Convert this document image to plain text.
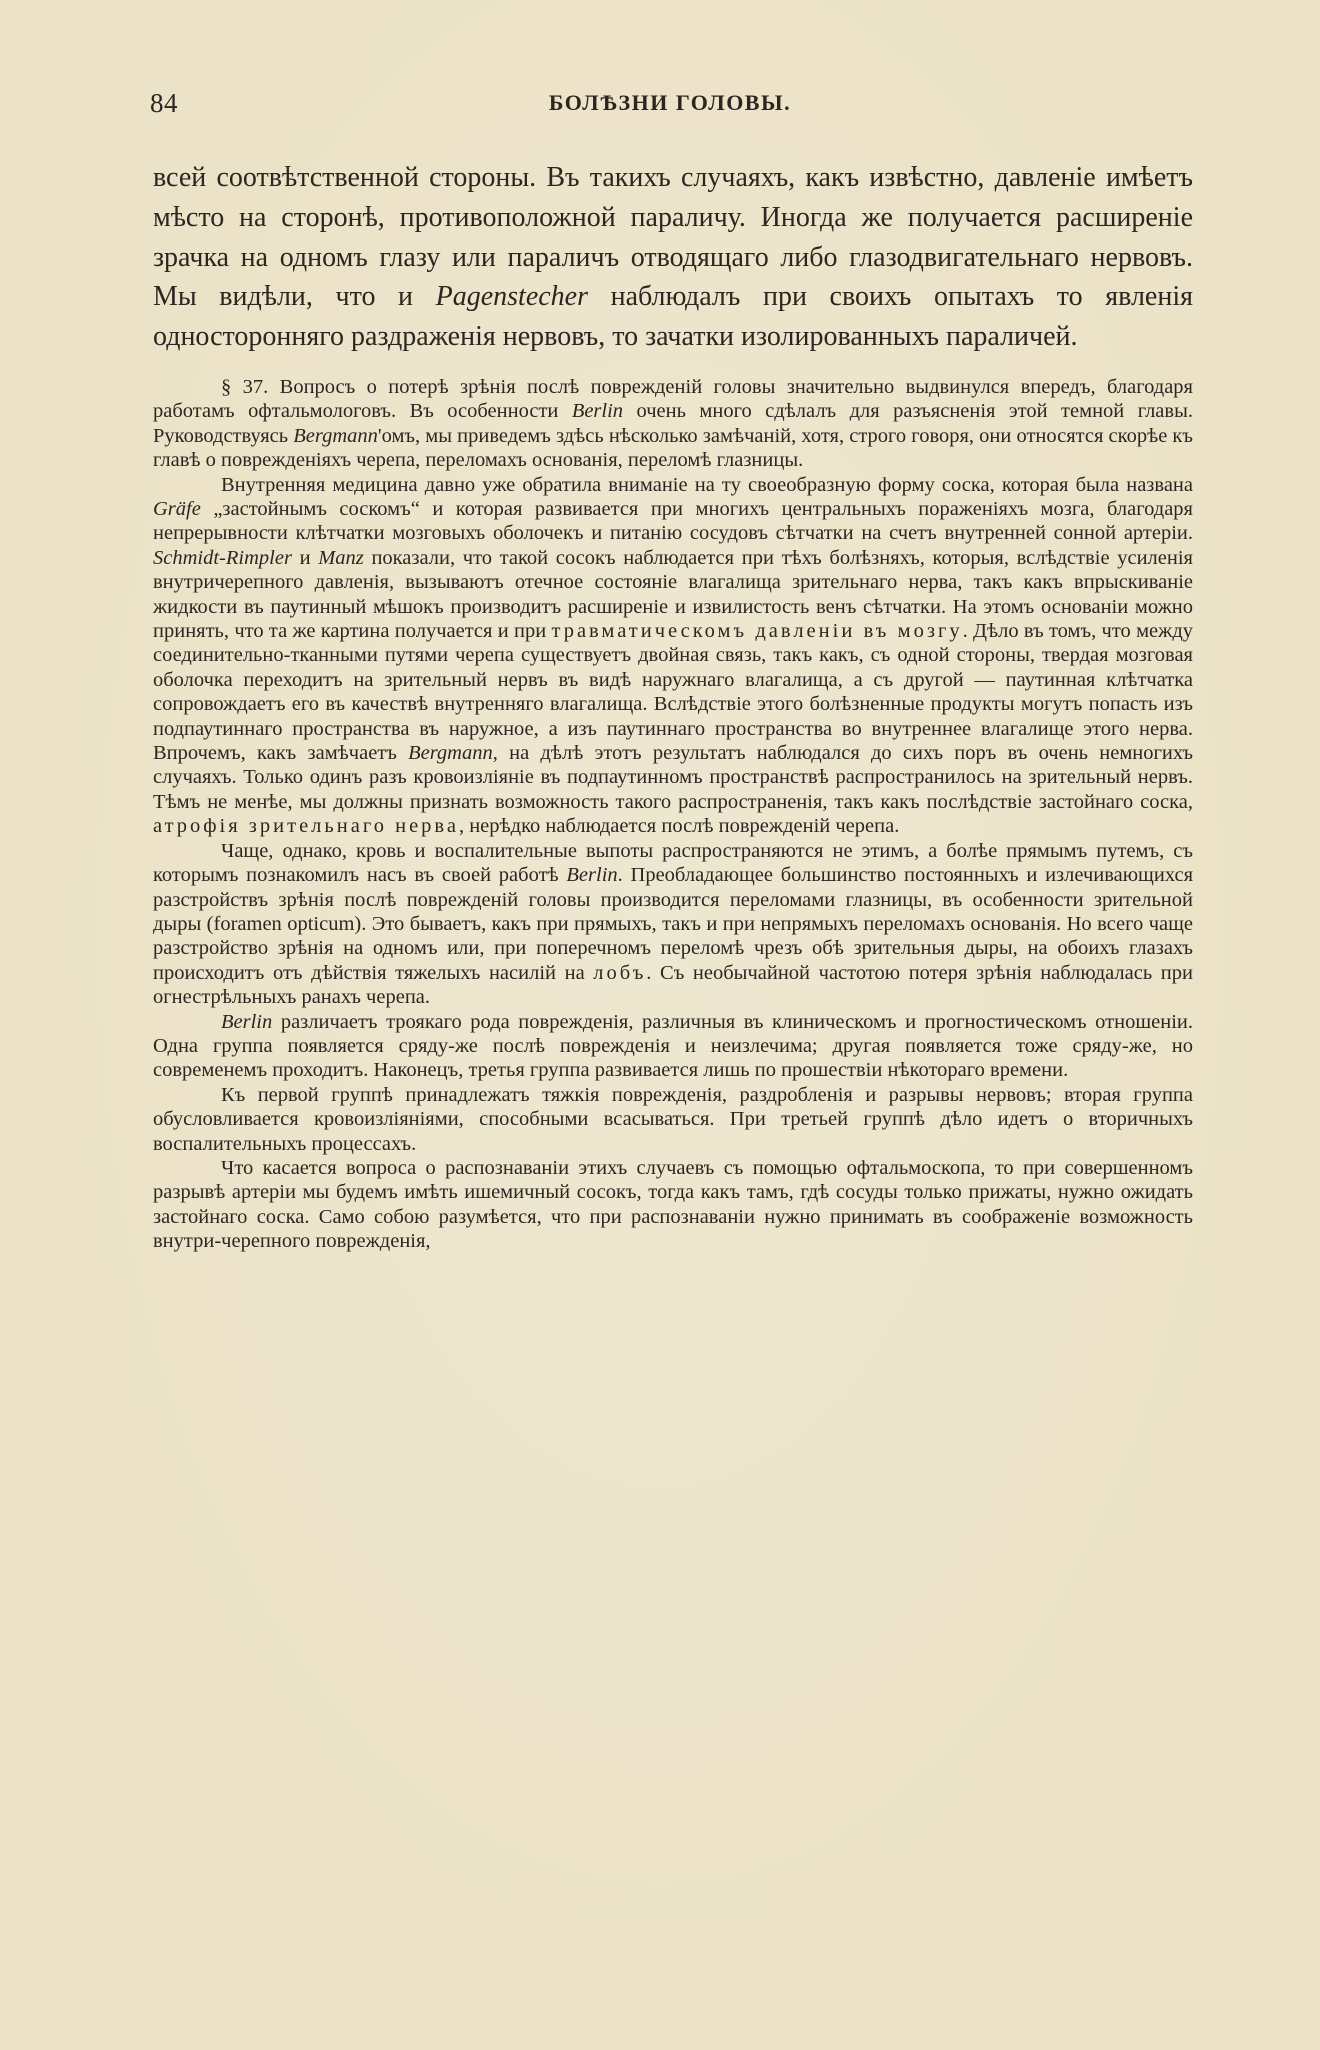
84	БОЛѢЗНИ ГОЛОВЫ.

всей соотвѣтственной стороны. Въ такихъ случаяхъ, какъ извѣстно, давленіе имѣетъ мѣсто на сторонѣ, противоположной параличу. Иногда же получается расширеніе зрачка на одномъ глазу или параличъ отводящаго либо глазодвигательнаго нервовъ. Мы видѣли, что и Pagenstecher наблюдалъ при своихъ опытахъ то явленія односторонняго раздраженія нервовъ, то зачатки изолированныхъ параличей.

§ 37. Вопросъ о потерѣ зрѣнія послѣ поврежденій головы значительно выдвинулся впередъ, благодаря работамъ офтальмологовъ. Въ особенности Berlin очень много сдѣлалъ для разъясненія этой темной главы. Руководствуясь Bergmann'омъ, мы приведемъ здѣсь нѣсколько замѣчаній, хотя, строго говоря, они относятся скорѣе къ главѣ о поврежденіяхъ черепа, переломахъ основанія, переломѣ глазницы.

Внутренняя медицина давно уже обратила вниманіе на ту своеобразную форму соска, которая была названа Gräfe „застойнымъ соскомъ“ и которая развивается при многихъ центральныхъ пораженіяхъ мозга, благодаря непрерывности клѣтчатки мозговыхъ оболочекъ и питанію сосудовъ сѣтчатки на счетъ внутренней сонной артеріи. Schmidt-Rimpler и Manz показали, что такой сосокъ наблюдается при тѣхъ болѣзняхъ, которыя, вслѣдствіе усиленія внутричерепного давленія, вызываютъ отечное состояніе влагалища зрительнаго нерва, такъ какъ впрыскиваніе жидкости въ паутинный мѣшокъ производитъ расширеніе и извилистость венъ сѣтчатки. На этомъ основаніи можно принять, что та же картина получается и при травматическомъ давленіи въ мозгу. Дѣло въ томъ, что между соединительно-тканными путями черепа существуетъ двойная связь, такъ какъ, съ одной стороны, твердая мозговая оболочка переходитъ на зрительный нервъ въ видѣ наружнаго влагалища, а съ другой — паутинная клѣтчатка сопровождаетъ его въ качествѣ внутренняго влагалища. Вслѣдствіе этого болѣзненные продукты могутъ попасть изъ подпаутиннаго пространства въ наружное, а изъ паутиннаго пространства во внутреннее влагалище этого нерва. Впрочемъ, какъ замѣчаетъ Bergmann, на дѣлѣ этотъ результатъ наблюдался до сихъ поръ въ очень немногихъ случаяхъ. Только одинъ разъ кровоизліяніе въ подпаутинномъ пространствѣ распространилось на зрительный нервъ. Тѣмъ не менѣе, мы должны признать возможность такого распространенія, такъ какъ послѣдствіе застойнаго соска, атрофія зрительнаго нерва, нерѣдко наблюдается послѣ поврежденій черепа.

Чаще, однако, кровь и воспалительные выпоты распространяются не этимъ, а болѣе прямымъ путемъ, съ которымъ познакомилъ насъ въ своей работѣ Berlin. Преобладающее большинство постоянныхъ и излечивающихся разстройствъ зрѣнія послѣ поврежденій головы производится переломами глазницы, въ особенности зрительной дыры (foramen opticum). Это бываетъ, какъ при прямыхъ, такъ и при непрямыхъ переломахъ основанія. Но всего чаще разстройство зрѣнія на одномъ или, при поперечномъ переломѣ чрезъ обѣ зрительныя дыры, на обоихъ глазахъ происходитъ отъ дѣйствія тяжелыхъ насилій на лобъ. Съ необычайной частотою потеря зрѣнія наблюдалась при огнестрѣльныхъ ранахъ черепа.

Berlin различаетъ троякаго рода поврежденія, различныя въ клиническомъ и прогностическомъ отношеніи. Одна группа появляется сряду-же послѣ поврежденія и неизлечима; другая появляется тоже сряду-же, но современемъ проходитъ. Наконецъ, третья группа развивается лишь по прошествіи нѣкотораго времени.

Къ первой группѣ принадлежатъ тяжкія поврежденія, раздробленія и разрывы нервовъ; вторая группа обусловливается кровоизліяніями, способными всасываться. При третьей группѣ дѣло идетъ о вторичныхъ воспалительныхъ процессахъ.

Что касается вопроса о распознаваніи этихъ случаевъ съ помощью офтальмоскопа, то при совершенномъ разрывѣ артеріи мы будемъ имѣть ишемичный сосокъ, тогда какъ тамъ, гдѣ сосуды только прижаты, нужно ожидать застойнаго соска. Само собою разумѣется, что при распознаваніи нужно принимать въ соображеніе возможность внутри-черепного поврежденія,
